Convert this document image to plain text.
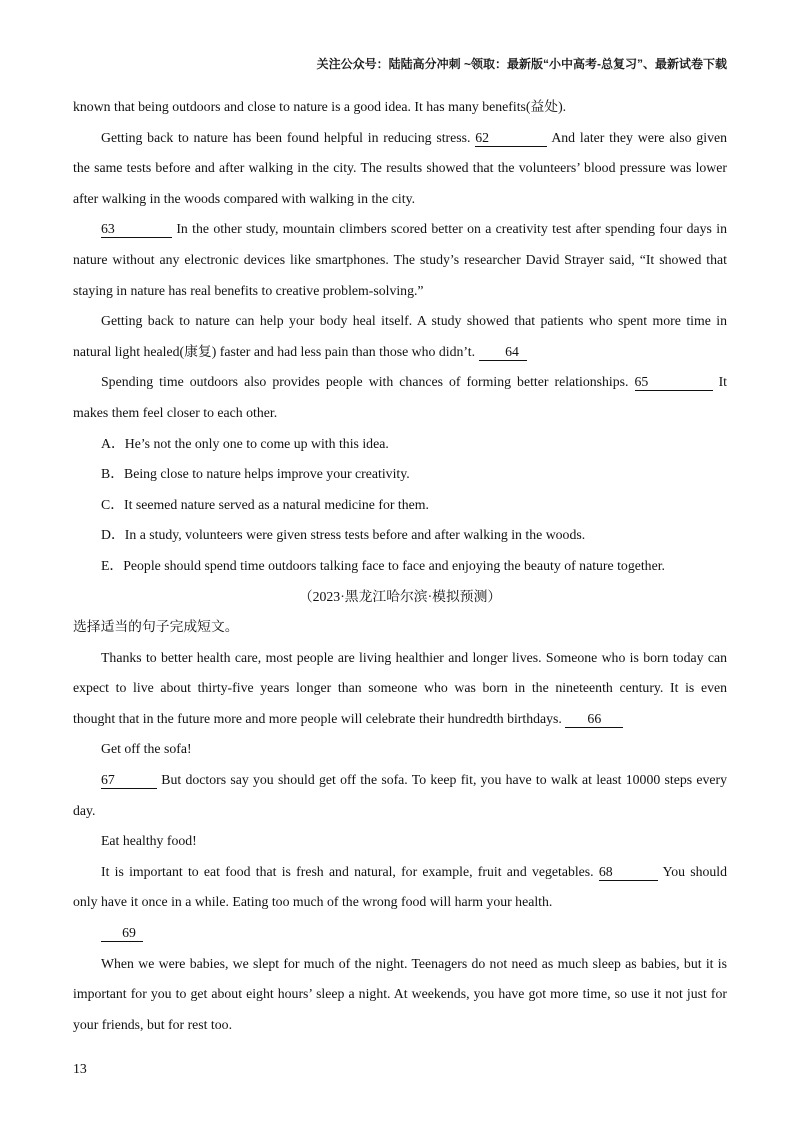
关注公众号：陆陆高分冲刺 ~领取：最新版“小中高考-总复习”、最新试卷下载
known that being outdoors and close to nature is a good idea. It has many benefits(益处).
Getting back to nature has been found helpful in reducing stress. 62	And later they were also given
the same tests before and after walking in the city. The results showed that the volunteers’ blood pressure was lower
after walking in the woods compared with walking in the city.
63	In the other study, mountain climbers scored better on a creativity test after spending four days in
nature without any electronic devices like smartphones. The study’s researcher David Strayer said, “It showed that
staying in nature has real benefits to creative problem-solving.”
Getting back to nature can help your body heal itself. A study showed that patients who spent more time in
natural light healed(康复) faster and had less pain than those who didn’t. 64
Spending time outdoors also provides people with chances of forming better relationships. 65	It
makes them feel closer to each other.
A．He’s not the only one to come up with this idea.
B．Being close to nature helps improve your creativity.
C．It seemed nature served as a natural medicine for them.
D．In a study, volunteers were given stress tests before and after walking in the woods.
E．People should spend time outdoors talking face to face and enjoying the beauty of nature together.
（2023·黑龙江哈尔滨·模拟预测）
选择适当的句子完成短文。
Thanks to better health care, most people are living healthier and longer lives. Someone who is born today can
expect to live about thirty-five years longer than someone who was born in the nineteenth century. It is even
thought that in the future more and more people will celebrate their hundredth birthdays. 66
Get off the sofa!
67	But doctors say you should get off the sofa. To keep fit, you have to walk at least 10000 steps every
day.
Eat healthy food!
It is important to eat food that is fresh and natural, for example, fruit and vegetables. 68	You should
only have it once in a while. Eating too much of the wrong food will harm your health.
69
When we were babies, we slept for much of the night. Teenagers do not need as much sleep as babies, but it is
important for you to get about eight hours’ sleep a night. At weekends, you have got more time, so use it not just for
your friends, but for rest too.
13
